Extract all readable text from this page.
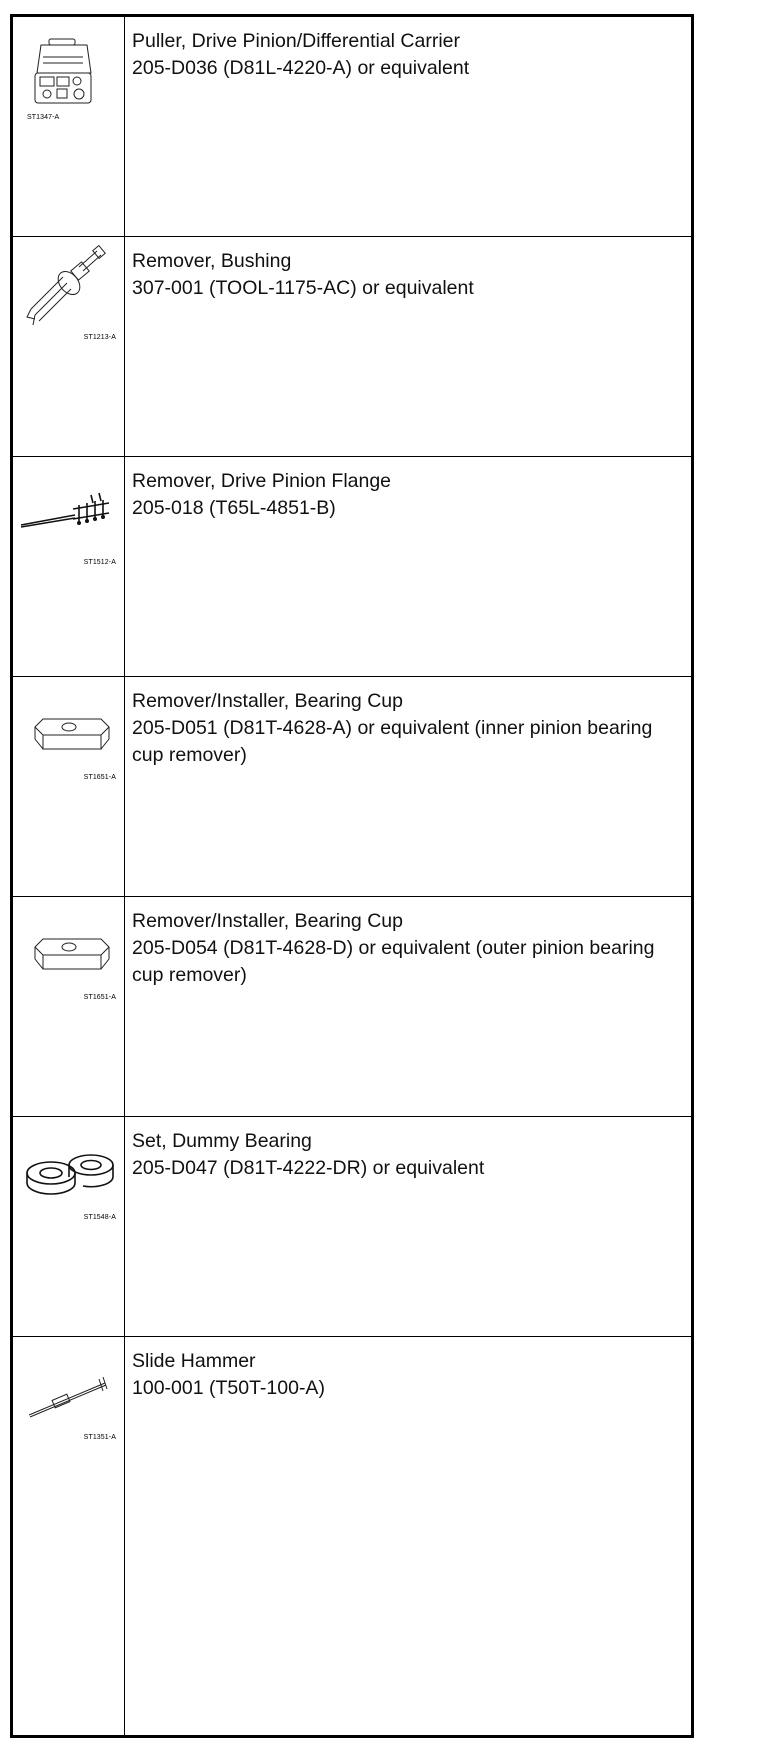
ST1347-A
Puller, Drive Pinion/Differential Carrier
205-D036 (D81L-4220-A) or equivalent
ST1213-A
Remover, Bushing
307-001 (TOOL-1175-AC) or equivalent
ST1512-A
Remover, Drive Pinion Flange
205-018 (T65L-4851-B)
ST1651-A
Remover/Installer, Bearing Cup
205-D051 (D81T-4628-A) or equivalent (inner pinion bearing cup remover)
ST1651-A
Remover/Installer, Bearing Cup
205-D054 (D81T-4628-D) or equivalent (outer pinion bearing cup remover)
ST1548-A
Set, Dummy Bearing
205-D047 (D81T-4222-DR) or equivalent
ST1351-A
Slide Hammer
100-001 (T50T-100-A)
